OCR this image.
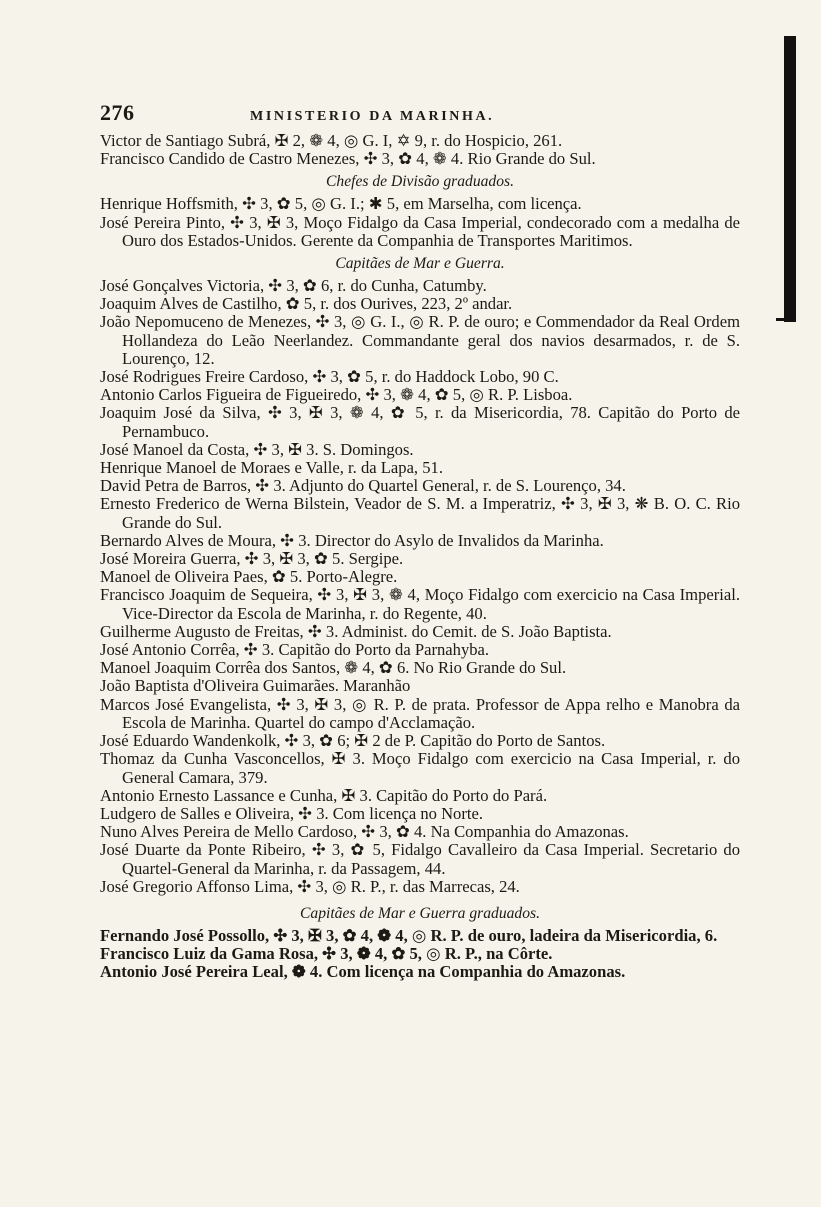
276	MINISTERIO DA MARINHA.
Victor de Santiago Subrá, ✠ 2, ❁ 4, ◎ G. I, ✡ 9, r. do Hospicio, 261.
Francisco Candido de Castro Menezes, ✣ 3, ✿ 4, ❁ 4. Rio Grande do Sul.
Chefes de Divisão graduados.
Henrique Hoffsmith, ✣ 3, ✿ 5, ◎ G. I.; ✱ 5, em Marselha, com licença.
José Pereira Pinto, ✣ 3, ✠ 3, Moço Fidalgo da Casa Imperial, condecorado com a medalha de Ouro dos Estados-Unidos. Gerente da Companhia de Transportes Maritimos.
Capitães de Mar e Guerra.
José Gonçalves Victoria, ✣ 3, ✿ 6, r. do Cunha, Catumby.
Joaquim Alves de Castilho, ✿ 5, r. dos Ourives, 223, 2º andar.
João Nepomuceno de Menezes, ✣ 3, ◎ G. I., ◎ R. P. de ouro; e Commendador da Real Ordem Hollandeza do Leão Neerlandez. Commandante geral dos navios desarmados, r. de S. Lourenço, 12.
José Rodrigues Freire Cardoso, ✣ 3, ✿ 5, r. do Haddock Lobo, 90 C.
Antonio Carlos Figueira de Figueiredo, ✣ 3, ❁ 4, ✿ 5, ◎ R. P. Lisboa.
Joaquim José da Silva, ✣ 3, ✠ 3, ❁ 4, ✿ 5, r. da Misericordia, 78. Capitão do Porto de Pernambuco.
José Manoel da Costa, ✣ 3, ✠ 3. S. Domingos.
Henrique Manoel de Moraes e Valle, r. da Lapa, 51.
David Petra de Barros, ✣ 3. Adjunto do Quartel General, r. de S. Lourenço, 34.
Ernesto Frederico de Werna Bilstein, Veador de S. M. a Imperatriz, ✣ 3, ✠ 3, ❋ B. O. C. Rio Grande do Sul.
Bernardo Alves de Moura, ✣ 3. Director do Asylo de Invalidos da Marinha.
José Moreira Guerra, ✣ 3, ✠ 3, ✿ 5. Sergipe.
Manoel de Oliveira Paes, ✿ 5. Porto-Alegre.
Francisco Joaquim de Sequeira, ✣ 3, ✠ 3, ❁ 4, Moço Fidalgo com exercicio na Casa Imperial. Vice-Director da Escola de Marinha, r. do Regente, 40.
Guilherme Augusto de Freitas, ✣ 3. Administ. do Cemit. de S. João Baptista.
José Antonio Corrêa, ✣ 3. Capitão do Porto da Parnahyba.
Manoel Joaquim Corrêa dos Santos, ❁ 4, ✿ 6. No Rio Grande do Sul.
João Baptista d'Oliveira Guimarães. Maranhão
Marcos José Evangelista, ✣ 3, ✠ 3, ◎ R. P. de prata. Professor de Appa relho e Manobra da Escola de Marinha. Quartel do campo d'Acclamação.
José Eduardo Wandenkolk, ✣ 3, ✿ 6; ✠ 2 de P. Capitão do Porto de Santos.
Thomaz da Cunha Vasconcellos, ✠ 3. Moço Fidalgo com exercicio na Casa Imperial, r. do General Camara, 379.
Antonio Ernesto Lassance e Cunha, ✠ 3. Capitão do Porto do Pará.
Ludgero de Salles e Oliveira, ✣ 3. Com licença no Norte.
Nuno Alves Pereira de Mello Cardoso, ✣ 3, ✿ 4. Na Companhia do Amazonas.
José Duarte da Ponte Ribeiro, ✣ 3, ✿ 5, Fidalgo Cavalleiro da Casa Imperial. Secretario do Quartel-General da Marinha, r. da Passagem, 44.
José Gregorio Affonso Lima, ✣ 3, ◎ R. P., r. das Marrecas, 24.
Capitães de Mar e Guerra graduados.
Fernando José Possollo, ✣ 3, ✠ 3, ✿ 4, ❁ 4, ◎ R. P. de ouro, ladeira da Misericordia, 6.
Francisco Luiz da Gama Rosa, ✣ 3, ❁ 4, ✿ 5, ◎ R. P., na Côrte.
Antonio José Pereira Leal, ❁ 4. Com licença na Companhia do Amazonas.
